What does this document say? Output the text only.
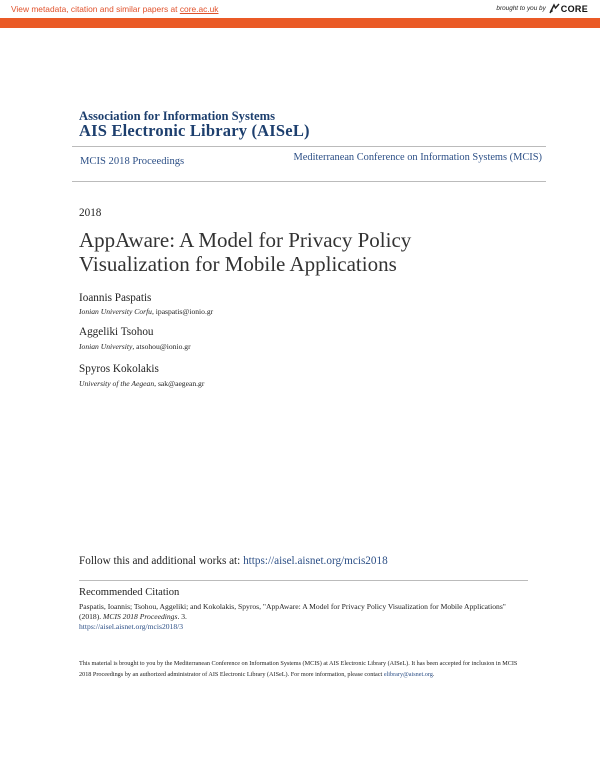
View metadata, citation and similar papers at core.ac.uk	brought to you by CORE
provided by AIS Electronic Library (AISeL)
Association for Information Systems
AIS Electronic Library (AISeL)
MCIS 2018 Proceedings	Mediterranean Conference on Information Systems (MCIS)
2018
AppAware: A Model for Privacy Policy Visualization for Mobile Applications
Ioannis Paspatis
Ionian University Corfu, ipaspatis@ionio.gr
Aggeliki Tsohou
Ionian University, atsohou@ionio.gr
Spyros Kokolakis
University of the Aegean, sak@aegean.gr
Follow this and additional works at: https://aisel.aisnet.org/mcis2018
Recommended Citation
Paspatis, Ioannis; Tsohou, Aggeliki; and Kokolakis, Spyros, "AppAware: A Model for Privacy Policy Visualization for Mobile Applications" (2018). MCIS 2018 Proceedings. 3.
https://aisel.aisnet.org/mcis2018/3
This material is brought to you by the Mediterranean Conference on Information Systems (MCIS) at AIS Electronic Library (AISeL). It has been accepted for inclusion in MCIS 2018 Proceedings by an authorized administrator of AIS Electronic Library (AISeL). For more information, please contact elibrary@aisnet.org.
